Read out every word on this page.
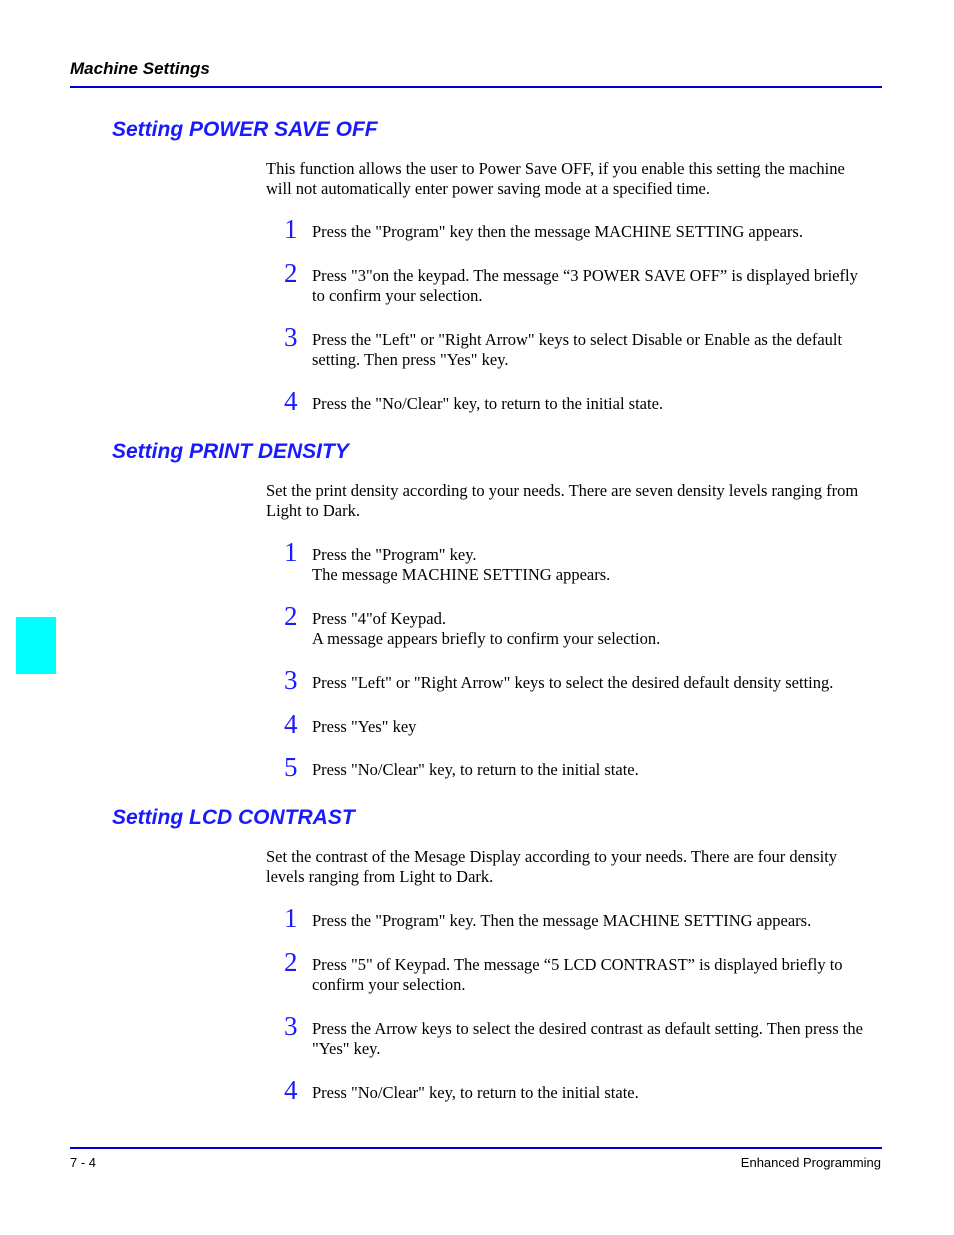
Machine Settings
Setting POWER SAVE OFF
This function allows the user to Power Save OFF, if you enable this setting the machine
will not automatically enter power saving mode at a specified time.
1 Press the "Program" key then the message MACHINE SETTING appears.
2 Press "3"on the keypad. The message “3 POWER SAVE OFF” is displayed briefly
to confirm your selection.
3 Press the "Left" or "Right Arrow" keys to select Disable or Enable as the default
setting. Then press "Yes" key.
4 Press the "No/Clear" key, to return to the initial state.
Setting PRINT DENSITY
Set the print density according to your needs. There are seven density levels ranging from
Light to Dark.
1 Press the "Program" key.
The message MACHINE SETTING appears.
2 Press "4"of Keypad.
A message appears briefly to confirm your selection.
3 Press "Left" or "Right Arrow" keys to select the desired default density setting.
4 Press "Yes" key
5 Press "No/Clear" key, to return to the initial state.
Setting LCD CONTRAST
Set the contrast of the Mesage Display according to your needs. There are four density
levels ranging from Light to Dark.
1 Press the "Program" key. Then the message MACHINE SETTING appears.
2 Press "5" of Keypad. The message “5 LCD CONTRAST” is displayed briefly to
confirm your selection.
3 Press the Arrow keys to select the desired contrast as default setting. Then press the
"Yes" key.
4 Press "No/Clear" key, to return to the initial state.
7 - 4	Enhanced Programming
